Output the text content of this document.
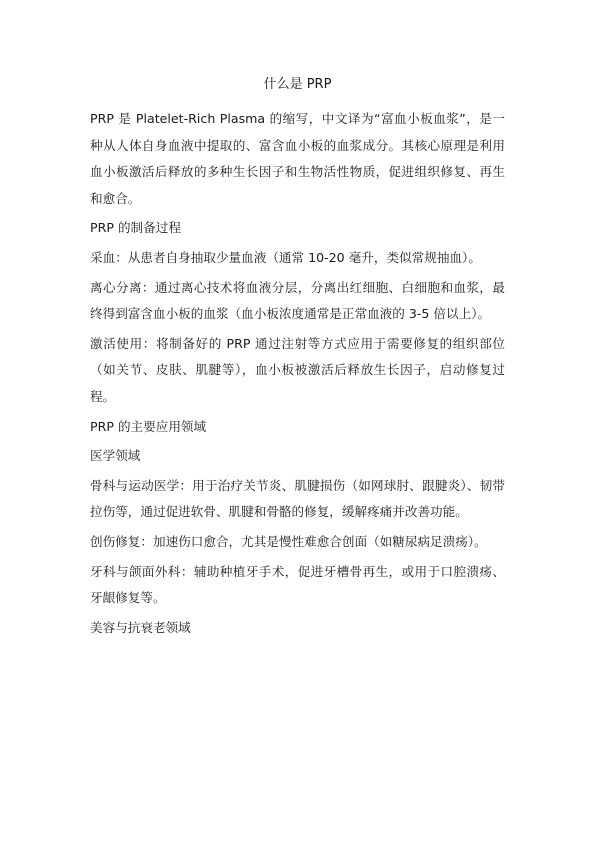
什么是 PRP

PRP 是 Platelet-Rich Plasma 的缩写，中文译为“富血小板血浆”，是一种从人体自身血液中提取的、富含血小板的血浆成分。其核心原理是利用血小板激活后释放的多种生长因子和生物活性物质，促进组织修复、再生和愈合。

PRP 的制备过程

采血：从患者自身抽取少量血液（通常 10-20 毫升，类似常规抽血）。

离心分离：通过离心技术将血液分层，分离出红细胞、白细胞和血浆，最终得到富含血小板的血浆（血小板浓度通常是正常血液的 3-5 倍以上）。

激活使用：将制备好的 PRP 通过注射等方式应用于需要修复的组织部位（如关节、皮肤、肌腱等），血小板被激活后释放生长因子，启动修复过程。

PRP 的主要应用领域

医学领域

骨科与运动医学：用于治疗关节炎、肌腱损伤（如网球肘、跟腱炎）、韧带拉伤等，通过促进软骨、肌腱和骨骼的修复，缓解疼痛并改善功能。

创伤修复：加速伤口愈合，尤其是慢性难愈合创面（如糖尿病足溃疡）。

牙科与颌面外科：辅助种植牙手术，促进牙槽骨再生，或用于口腔溃疡、牙龈修复等。

美容与抗衰老领域
